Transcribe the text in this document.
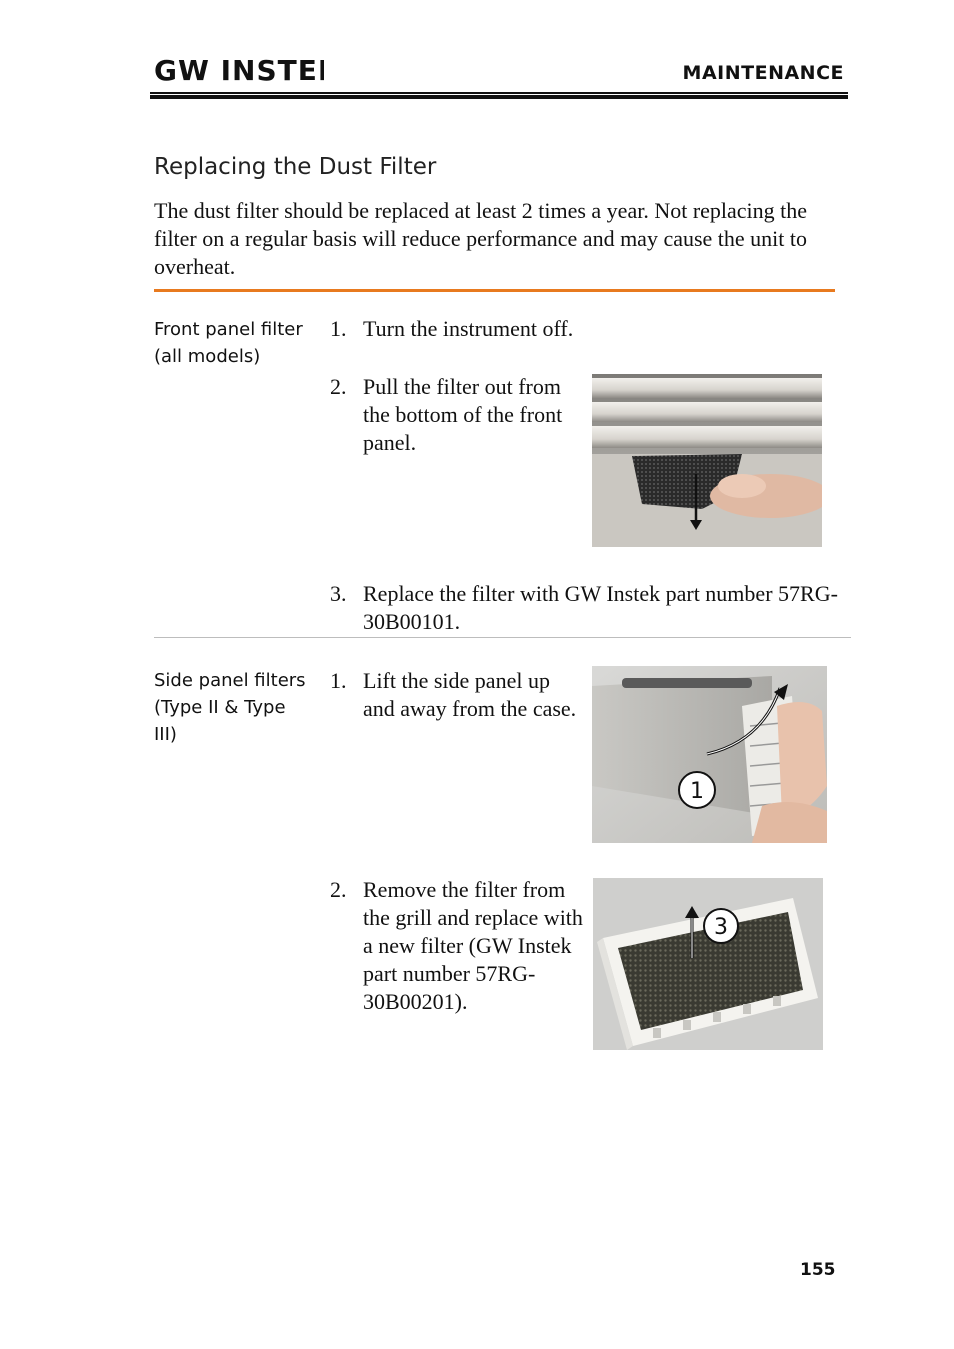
GW INSTEK	MAINTENANCE
Replacing the Dust Filter
The dust filter should be replaced at least 2 times a year. Not replacing the filter on a regular basis will reduce performance and may cause the unit to overheat.
Front panel filter
(all models)
1. Turn the instrument off.
2. Pull the filter out from the bottom of the front panel.
3. Replace the filter with GW Instek part number 57RG-30B00101.
Side panel filters
(Type II & Type
III)
1. Lift the side panel up and away from the case.
1
2. Remove the filter from the grill and replace with a new filter (GW Instek part number 57RG-30B00201).
3
155
